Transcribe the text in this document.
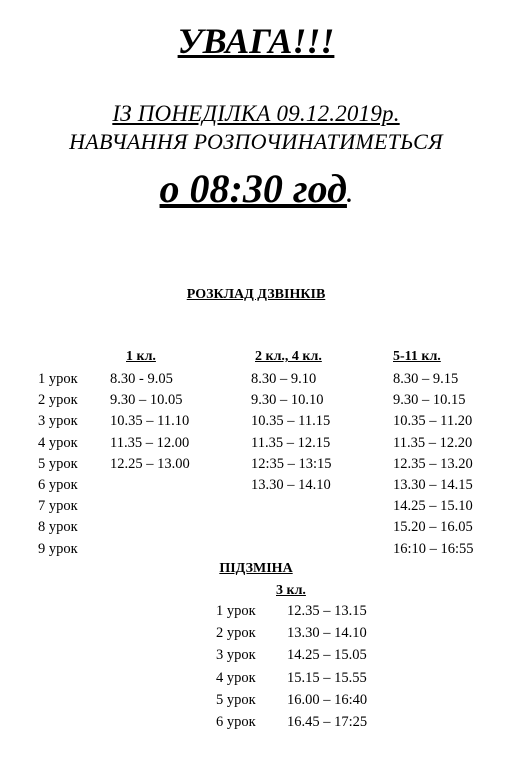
УВАГА!!!
ІЗ ПОНЕДІЛКА 09.12.2019р.
НАВЧАННЯ РОЗПОЧИНАТИМЕТЬСЯ
о 08:30 год.
РОЗКЛАД ДЗВІНКІВ
1 кл.	2 кл., 4 кл.	5-11 кл.
1 урок
2 урок
3 урок
4 урок
5 урок
6 урок
7 урок
8 урок
9 урок
8.30 - 9.05
9.30 – 10.05
10.35 – 11.10
11.35 – 12.00
12.25 – 13.00
8.30 – 9.10
9.30 – 10.10
10.35 – 11.15
11.35 – 12.15
12:35 – 13:15
13.30 – 14.10
8.30 – 9.15
9.30 – 10.15
10.35 – 11.20
11.35 – 12.20
12.35 – 13.20
13.30 – 14.15
14.25 – 15.10
15.20 – 16.05
16:10 – 16:55
ПІДЗМІНА
3 кл.
1 урок 12.35 – 13.15
2 урок 13.30 – 14.10
3 урок 14.25 – 15.05
4 урок 15.15 – 15.55
5 урок 16.00 – 16:40
6 урок 16.45 – 17:25
